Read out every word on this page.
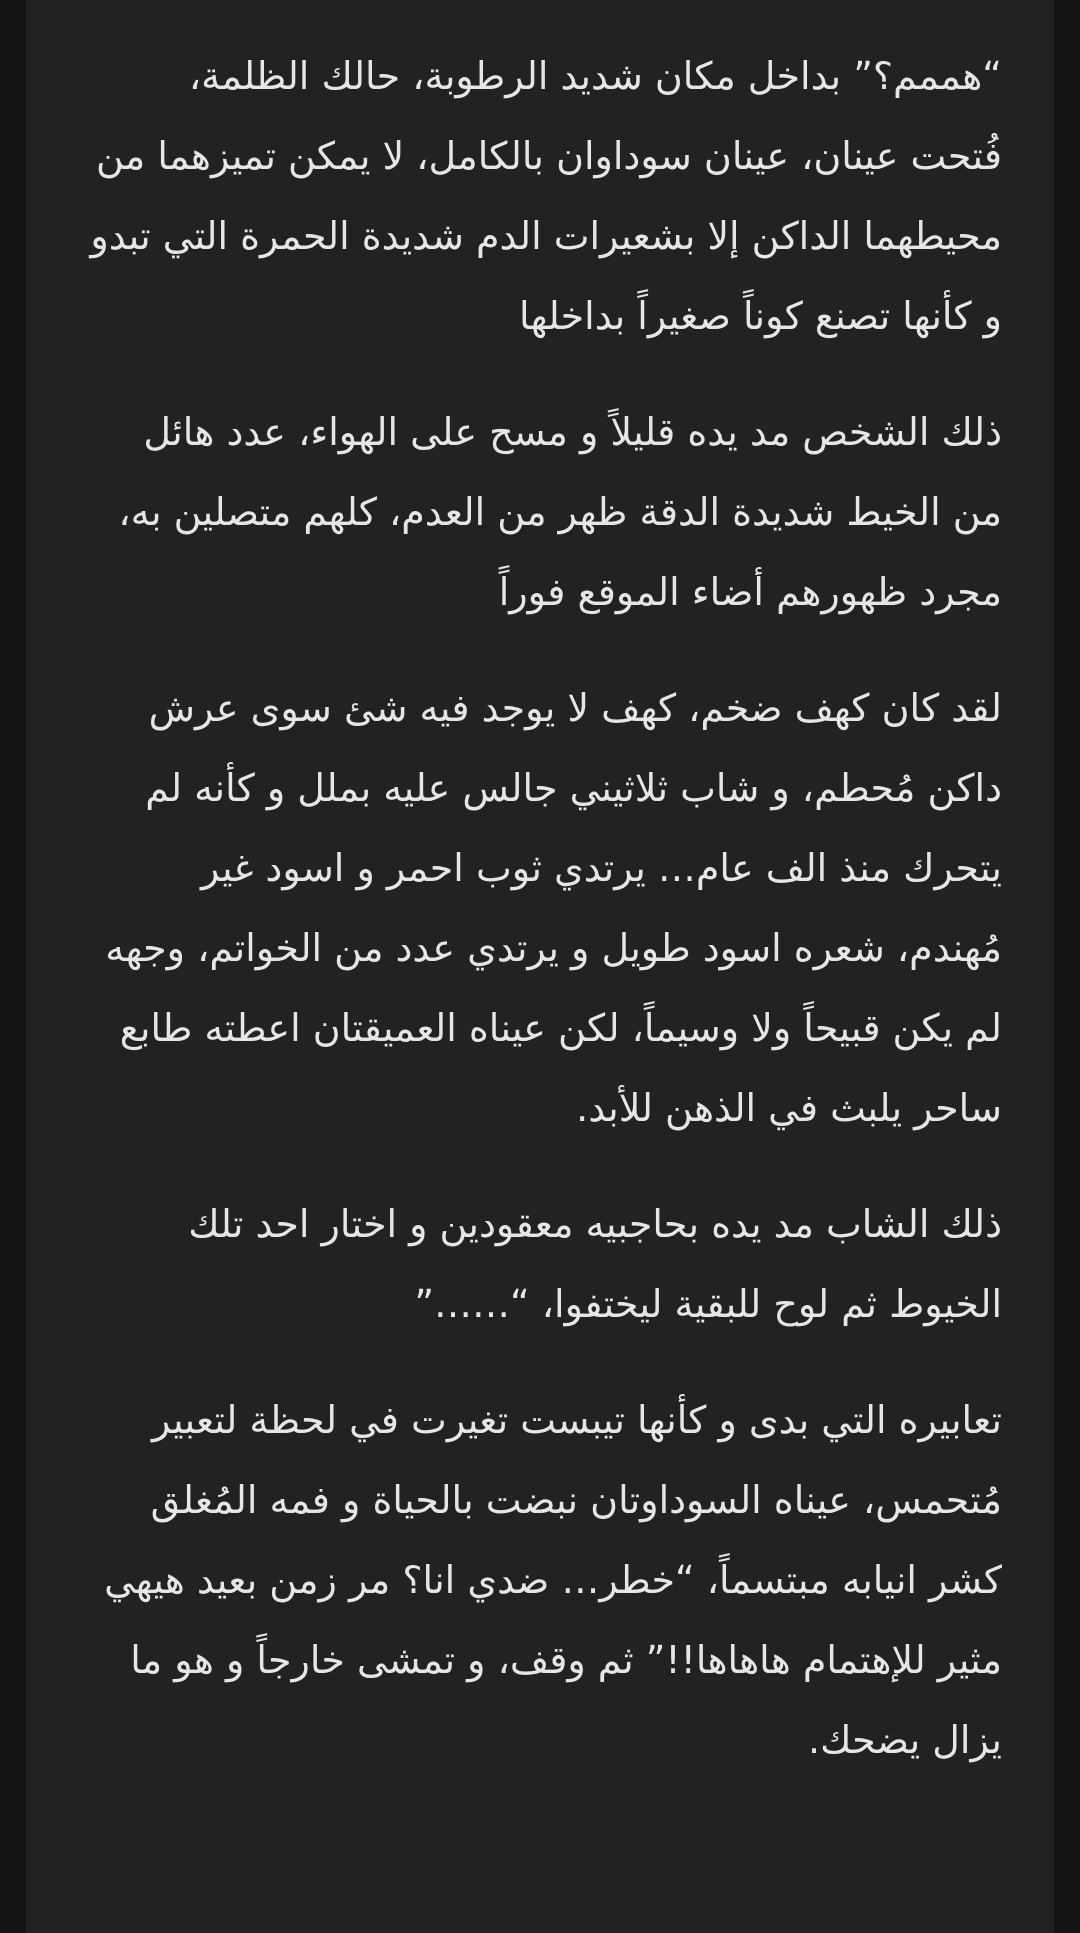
“هممم؟” بداخل مكان شديد الرطوبة، حالك الظلمة، فُتحت عينان، عينان سوداوان بالكامل، لا يمكن تميزهما من محيطهما الداكن إلا بشعيرات الدم شديدة الحمرة التي تبدو و كأنها تصنع كوناً صغيراً بداخلها

ذلك الشخص مد يده قليلاً و مسح على الهواء، عدد هائل من الخيط شديدة الدقة ظهر من العدم، كلهم متصلين به، مجرد ظهورهم أضاء الموقع فوراً

لقد كان كهف ضخم، كهف لا يوجد فيه شئ سوى عرش داكن مُحطم، و شاب ثلاثيني جالس عليه بملل و كأنه لم يتحرك منذ الف عام… يرتدي ثوب احمر و اسود غير مُهندم، شعره اسود طويل و يرتدي عدد من الخواتم، وجهه لم يكن قبيحاً ولا وسيماً، لكن عيناه العميقتان اعطته طابع ساحر يلبث في الذهن للأبد.

ذلك الشاب مد يده بحاجبيه معقودين و اختار احد تلك الخيوط ثم لوح للبقية ليختفوا، “……”

تعابيره التي بدى و كأنها تيبست تغيرت في لحظة لتعبير مُتحمس، عيناه السوداوتان نبضت بالحياة و فمه المُغلق كشر انيابه مبتسماً، “خطر… ضدي انا؟ مر زمن بعيد هيهي مثير للإهتمام هاهاها!!” ثم وقف، و تمشى خارجاً و هو ما يزال يضحك.
